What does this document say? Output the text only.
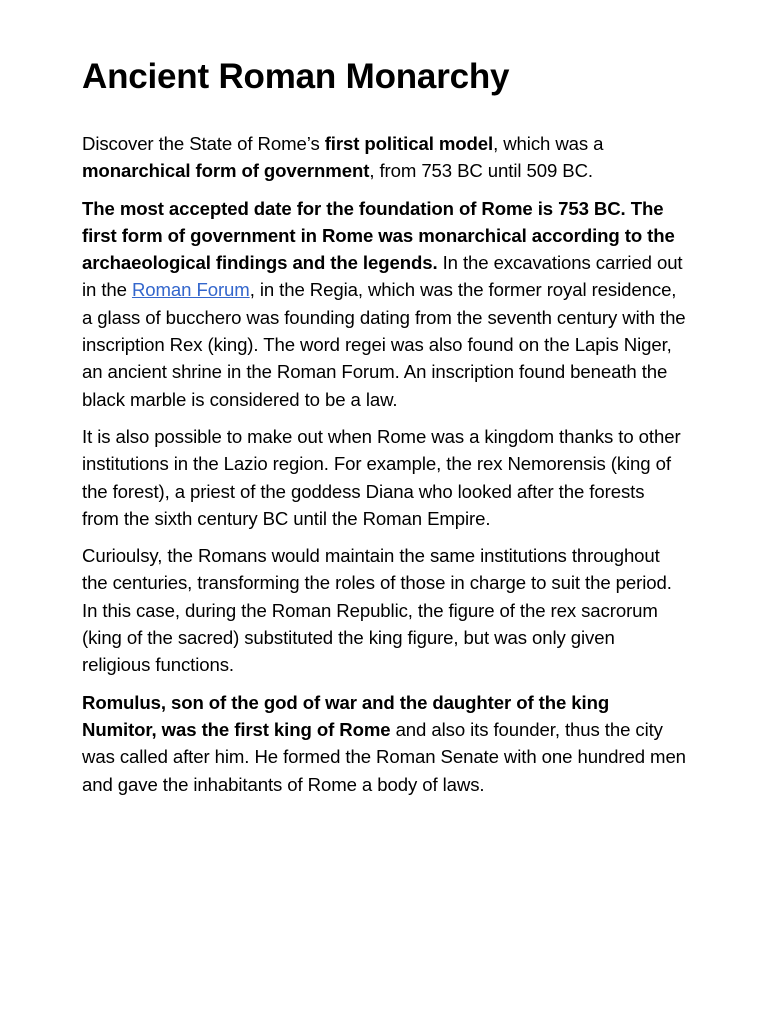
Ancient Roman Monarchy

Discover the State of Rome’s first political model, which was a monarchical form of government, from 753 BC until 509 BC.

The most accepted date for the foundation of Rome is 753 BC. The first form of government in Rome was monarchical according to the archaeological findings and the legends. In the excavations carried out in the Roman Forum, in the Regia, which was the former royal residence, a glass of bucchero was founding dating from the seventh century with the inscription Rex (king). The word regei was also found on the Lapis Niger, an ancient shrine in the Roman Forum. An inscription found beneath the black marble is considered to be a law.

It is also possible to make out when Rome was a kingdom thanks to other institutions in the Lazio region. For example, the rex Nemorensis (king of the forest), a priest of the goddess Diana who looked after the forests from the sixth century BC until the Roman Empire.

Curioulsy, the Romans would maintain the same institutions throughout the centuries, transforming the roles of those in charge to suit the period. In this case, during the Roman Republic, the figure of the rex sacrorum (king of the sacred) substituted the king figure, but was only given religious functions.

Romulus, son of the god of war and the daughter of the king Numitor, was the first king of Rome and also its founder, thus the city was called after him. He formed the Roman Senate with one hundred men and gave the inhabitants of Rome a body of laws.
